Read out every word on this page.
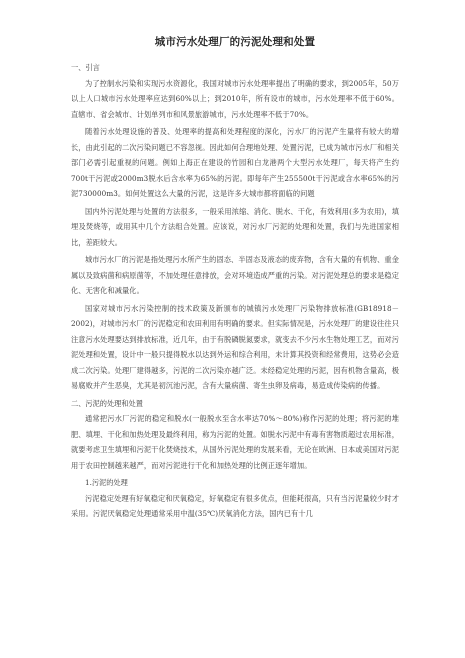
城市污水处理厂的污泥处理和处置

一、引言

为了控制水污染和实现污水资源化，我国对城市污水处理率提出了明确的要求，到2005年，50万以上人口城市污水处理率应达到60%以上；到2010年，所有设市的城市，污水处理率不低于60%。直辖市、省会城市、计划单列市和风景旅游城市，污水处理率不低于70%。

随着污水处理设施的普及、处理率的提高和处理程度的深化，污水厂的污泥产生量将有较大的增长，由此引起的二次污染问题已不容忽视。因此如何合理地处理、处置污泥，已成为城市污水厂和相关部门必需引起重视的问题。例如上海正在建设的竹园和白龙港两个大型污水处理厂，每天将产生约700t干污泥或2000m3脱水后含水率为65%的污泥。即每年产生255500t干污泥或含水率65%的污泥730000m3。如何处置这么大量的污泥，这是许多大城市都将面临的问题

国内外污泥处理与处置的方法很多，一般采用浓缩、消化、脱水、干化，有效利用(多为农用)，填埋及焚烧等，或用其中几个方法组合处置。应该说，对污水厂污泥的处理和处置，我们与先进国家相比，差距较大。

城市污水厂的污泥是指处理污水所产生的固态、半固态及液态的废弃物，含有大量的有机物、重金属以及致病菌和病原菌等，不加处理任意排放，会对环境造成严重的污染。对污泥处理总的要求是稳定化、无害化和减量化。

国家对城市污水污染控制的技术政策及新颁布的城镇污水处理厂污染物排放标准(GB18918－2002)，对城市污水厂的污泥稳定和农田利用有明确的要求。但实际情况是，污水处理厂的建设往往只注意污水处理要达到排放标准，近几年，由于有脱磷脱氮要求，就变去不少污水生物处理工艺，而对污泥处理和处置，设计中一般只提得脱水以达到外运和综合利用，未计算其投资和经常费用，这势必会造成二次污染。处理厂建得越多，污泥的二次污染亦越广泛。未经稳定处理的污泥，因有机物含量高，极易腐败并产生恶臭，尤其是初沉池污泥，含有大量病菌、寄生虫卵及病毒，易造成传染病的传播。

二、污泥的处理和处置

通常把污水厂污泥的稳定和脱水(一般脱水至含水率达70%～80%)称作污泥的处理；将污泥的堆肥、填埋、干化和加热处理及最终利用，称为污泥的处置。如脱水污泥中有毒有害物质超过农用标准，就要考虑卫生填埋和污泥干化焚烧技术，从国外污泥处理的发展来看，无论在欧洲、日本或美国对污泥用于农田控制越来越严，而对污泥进行干化和加热处理的比例正逐年增加。

1.污泥的处理

污泥稳定处理有好氧稳定和厌氧稳定，好氧稳定有很多优点，但能耗很高，只有当污泥量较少时才采用。污泥厌氧稳定处理通常采用中温(35℃)厌氧消化方法，国内已有十几
